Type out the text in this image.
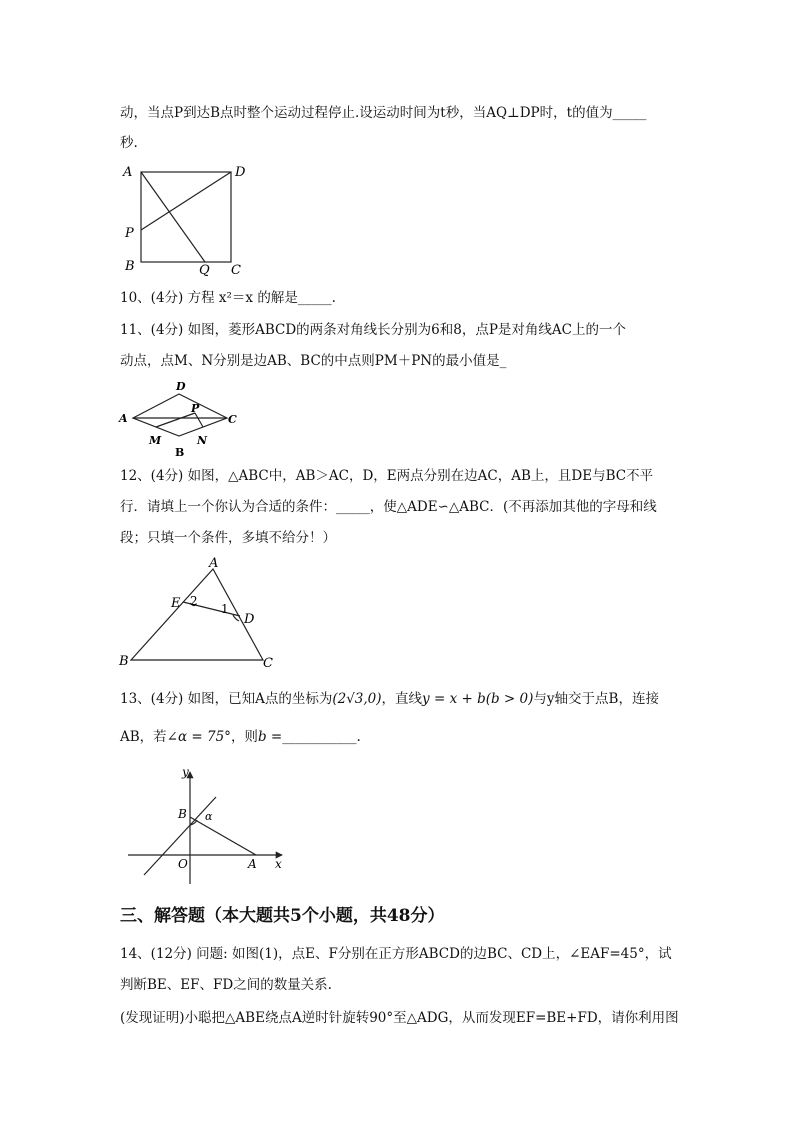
动，当点P到达B点时整个运动过程停止.设运动时间为t秒，当AQ⊥DP时，t的值为_____
秒.
A	D
P
B	Q C
10、(4分) 方程 x²＝x 的解是_____.
11、(4分) 如图，菱形ABCD的两条对角线长分别为6和8，点P是对角线AC上的一个
动点，点M、N分别是边AB、BC的中点则PM＋PN的最小值是_
A
D
C
P
M	N
B
12、(4分) 如图，△ABC中，AB＞AC，D，E两点分别在边AC，AB上，且DE与BC不平
行．请填上一个你认为合适的条件：_____，使△ADE∽△ABC．(不再添加其他的字母和线
段；只填一个条件，多填不给分！）
A
E 2
1
D
B	C
13、(4分) 如图，已知A点的坐标为(2√3,0)，直线y = x + b(b > 0)与y轴交于点B，连接
AB，若∠α = 75°，则b =___________.
y
x
O	A
B α
三、解答题（本大题共5个小题，共48分）
14、(12分) 问题: 如图(1)，点E、F分别在正方形ABCD的边BC、CD上，∠EAF=45°，试
判断BE、EF、FD之间的数量关系.
(发现证明)小聪把△ABE绕点A逆时针旋转90°至△ADG，从而发现EF=BE+FD，请你利用图
